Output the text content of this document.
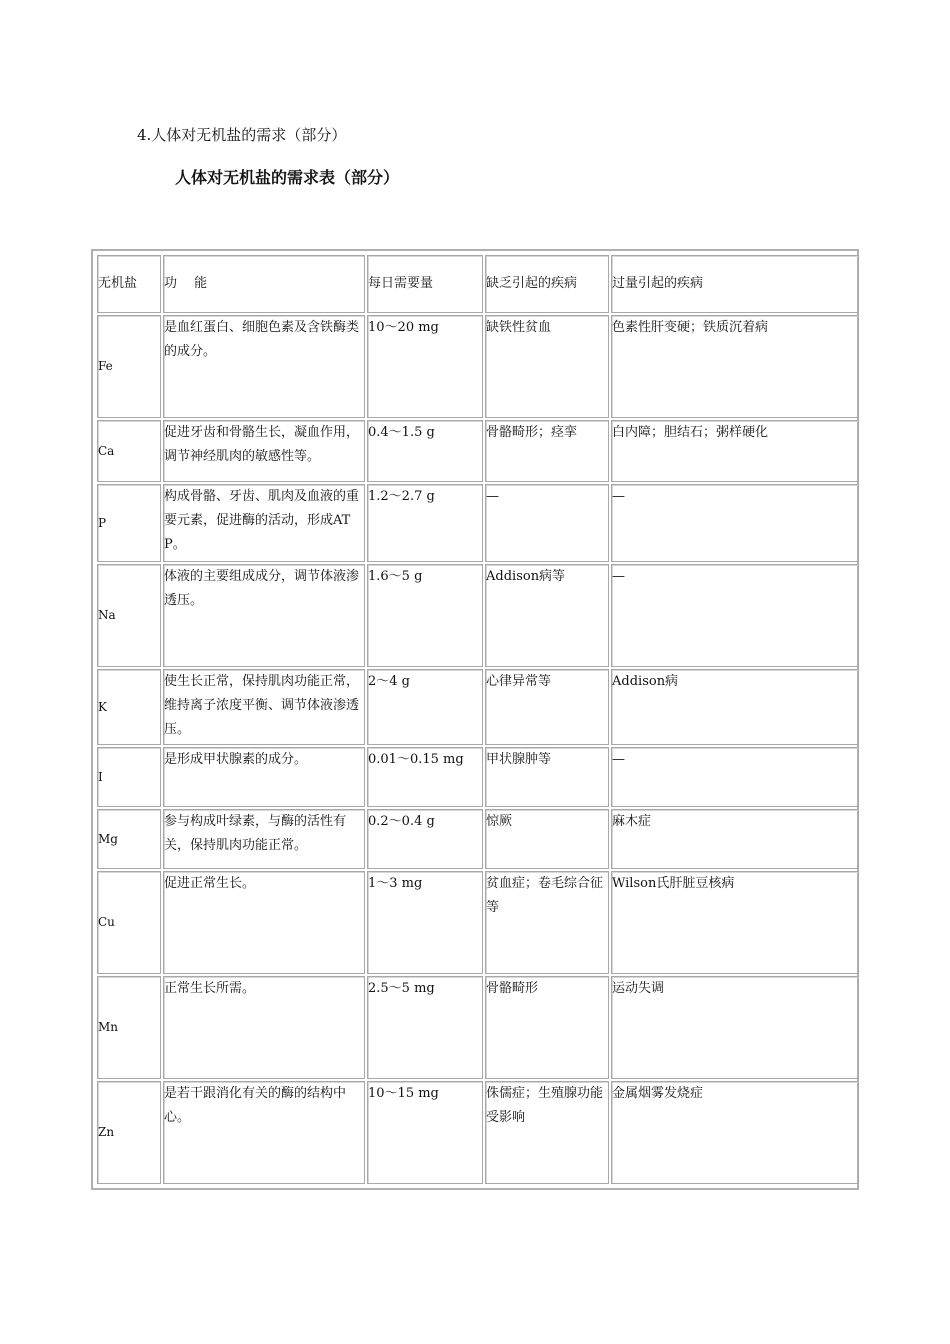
4.人体对无机盐的需求（部分）
人体对无机盐的需求表（部分）
无机盐	功　 能	每日需要量	缺乏引起的疾病	过量引起的疾病
Fe	是血红蛋白、细胞色素及含铁酶类的成分。	10～20 mg	缺铁性贫血	色素性肝变硬；铁质沉着病
Ca	促进牙齿和骨骼生长，凝血作用，调节神经肌肉的敏感性等。	0.4～1.5 g	骨骼畸形；痉挛	白内障；胆结石；粥样硬化
P	构成骨骼、牙齿、肌肉及血液的重要元素，促进酶的活动，形成ATP。	1.2～2.7 g	—	—
Na	体液的主要组成成分，调节体液渗透压。	1.6～5 g	Addison病等	—
K	使生长正常，保持肌肉功能正常，维持离子浓度平衡、调节体液渗透压。	2～4 g	心律异常等	Addison病
I	是形成甲状腺素的成分。	0.01～0.15 mg	甲状腺肿等	—
Mg	参与构成叶绿素，与酶的活性有关，保持肌肉功能正常。	0.2～0.4 g	惊厥	麻木症
Cu	促进正常生长。	1～3 mg	贫血症；卷毛综合征等	Wilson氏肝脏豆核病
Mn	正常生长所需。	2.5～5 mg	骨骼畸形	运动失调
Zn	是若干跟消化有关的酶的结构中心。	10～15 mg	侏儒症；生殖腺功能受影响	金属烟雾发烧症
